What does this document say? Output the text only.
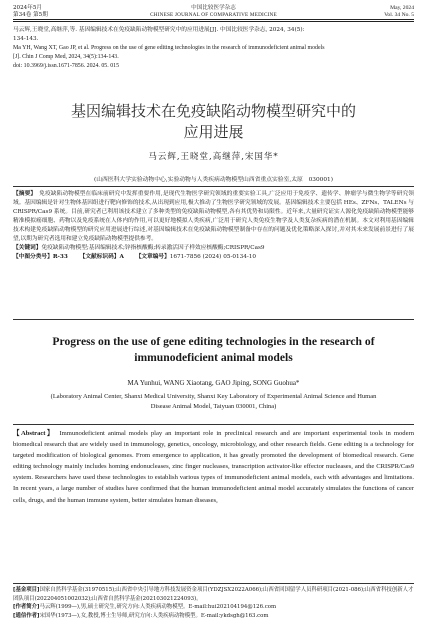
2024年5月
第34卷 第5期
中国比较医学杂志
CHINESE JOURNAL OF COMPARATIVE MEDICINE
May, 2024
Vol. 34 No. 5
马云辉,王晓堂,高继萍,等. 基因编辑技术在免疫缺陷动物模型研究中的应用进展[J]. 中国比较医学杂志, 2024, 34(5):
134-143.
Ma YH, Wang XT, Gao JP, et al. Progress on the use of gene editing technologies in the research of immunodeficient animal models
[J]. Chin J Comp Med, 2024, 34(5):134-143.
doi: 10.3969/j.issn.1671-7856. 2024. 05. 015
基因编辑技术在免疫缺陷动物模型研究中的
应用进展
马云辉,王晓堂,高继萍,宋国华*
(山西医科大学实验动物中心,实验动物与人类疾病动物模型山西省重点实验室,太原　030001)
【摘要】　免疫缺陷动物模型在临床前研究中发挥重要作用,是现代生物医学研究领域的重要实验工具,广泛应用于免疫学、遗传学、肿瘤学与微生物学等研究领域。基因编辑是针对生物体基因组进行靶向修饰的技术,从出现到应用,极大推动了生物医学研究领域的发展。基因编辑技术主要包括 HEs、ZFNs、TALENs 与 CRISPR/Cas9 系统。目前,研究者已利用该技术建立了多种类型的免疫缺陷动物模型,各有其优势和局限性。近年来,大量研究证实人源化免疫缺陷动物模型能够精准模拟癌细胞、药物以及免疫系统在人体内的作用,可以更好地模拟人类疾病,广泛用于研究人类免疫生物学及人类复杂疾病的潜在机制。本文对利用基因编辑技术构建免疫缺陷动物模型的研究应用进展进行综述,对基因编辑技术在免疫缺陷动物模型制备中存在的问题及优化策略深入探讨,并对其未来发展前景进行了展望,以期为研究者选用和建立免疫缺陷动物模型提供参考。
【关键词】免疫缺陷动物模型;基因编辑技术;锌指核酸酶;转录激活因子样效应核酸酶;CRISPR/Cas9
【中图分类号】R-33 【文献标识码】A 【文章编号】1671-7856 (2024) 05-0134-10
Progress on the use of gene editing technologies in the research of immunodeficient animal models
MA Yunhui, WANG Xiaotang, GAO Jiping, SONG Guohua*
(Laboratory Animal Center, Shanxi Medical University, Shanxi Key Laboratory of Experimental Animal Science and Human Disease Animal Model, Taiyuan 030001, China)
【Abstract】　Immunodeficient animal models play an important role in preclinical research and are important experimental tools in modern biomedical research that are widely used in immunology, genetics, oncology, microbiology, and other research fields. Gene editing is a technology for targeted modification of biological genomes. From emergence to application, it has greatly promoted the development of biomedical research. Gene editing technology mainly includes homing endonucleases, zinc finger nucleases, transcription activator-like effector nucleases, and the CRISPR/Cas9 system. Researchers have used these technologies to establish various types of immunodeficient animal models, each with advantages and limitations. In recent years, a large number of studies have confirmed that the human immunodeficient animal model accurately simulates the functions of cancer cells, drugs, and the human immune system, better simulates human diseases,
[基金项目]国家自然科学基金(31970515);山西省中央引导地方科技发展资金项目(YDZJSX2022A066);山西省回国留学人员科研项目(2021-086);山西省科技创新人才团队项目(202204051002032);山西省自然科学基金(202103021224093)。
[作者简介]马云辉(1999—),男,硕士研究生,研究方向:人类疾病动物模型。E-mail:hui202104194@126.com
[通信作者]宋国华(1973—),女,教授,博士生导师,研究方向:人类疾病动物模型。E-mail:ykdsgh@163.com
